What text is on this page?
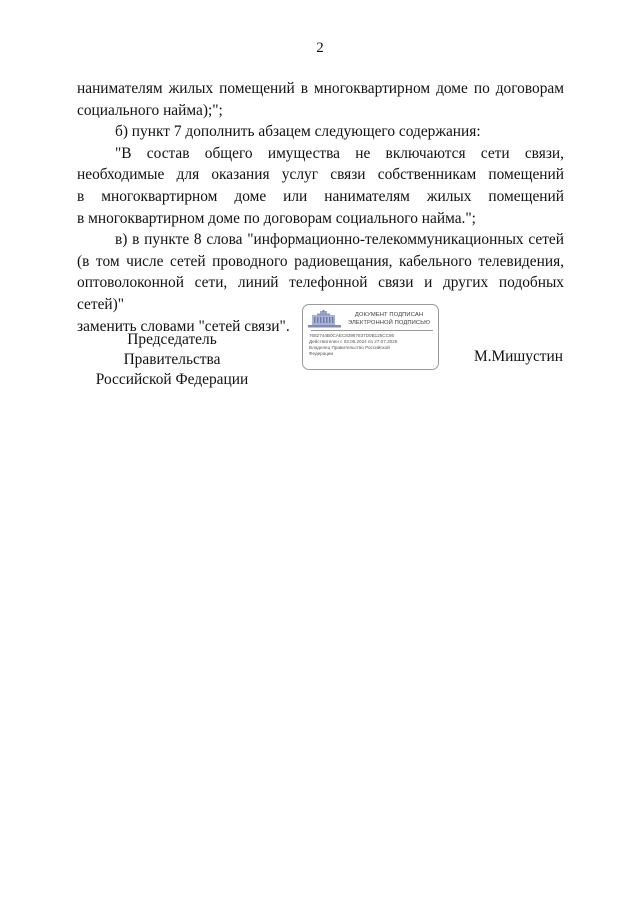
2

нанимателям жилых помещений в многоквартирном доме по договорам
социального найма);";

б) пункт 7 дополнить абзацем следующего содержания:

"В состав общего имущества не включаются сети связи,
необходимые для оказания услуг связи собственникам помещений
в многоквартирном доме или нанимателям жилых помещений
в многоквартирном доме по договорам социального найма.";

в) в пункте 8 слова "информационно-телекоммуникационных сетей
(в том числе сетей проводного радиовещания, кабельного телевидения,
оптоволоконной сети, линий телефонной связи и других подобных сетей)"
заменить словами "сетей связи".

Председатель Правительства
Российской Федерации
ДОКУМЕНТ ПОДПИСАН
ЭЛЕКТРОННОЙ ПОДПИСЬЮ
7682744B0CAEC83967837D0B125CC86
Действителен с 03.05.2024 по 27.07.2025
Владелец Правительство Российской
Федерации	М.Мишустин
